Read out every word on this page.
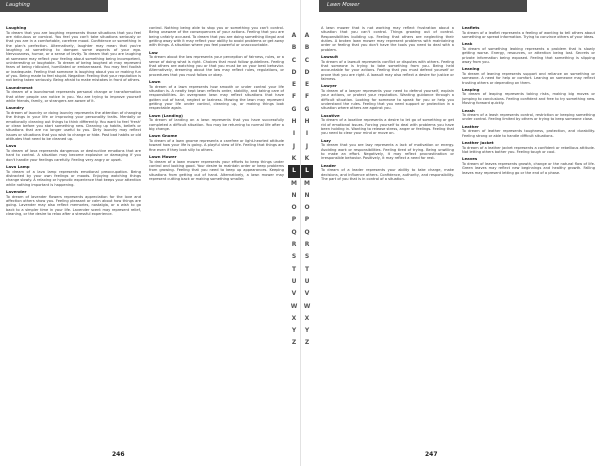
Laughing
Laughing

To dream that you are laughing represents those situations that you feel are ridiculous or comical. You feel you can't take situations seriously or that you are in a comfortable, carefree mood. Confidence or something in the plan's perfection. Alternatively, laughter may mean that you're laughing at something to dampen some aspects of your ego. Nervousness, humor, or a sense of levity. To dream that you are laughing at someone may reflect your feeling about something being incompetent, uninteresting or laughable. To dream of being laughed at may represent fears of being ridiculed, humiliated or embarrassed. You may feel foolish or inadequate. Feeling that someone is laughing about you or making fun of you. Being made to feel stupid. Negative: Feeling that your reputation is not being taken seriously. Being afraid to make mistakes in front of others.

Laundromat

To dream of a laundromat represents personal change or transformation that other people can notice in you. You are trying to improve yourself while friends, family, or strangers are aware of it.

Laundry

To dream of laundry or doing laundry represents the attention of changing the things in your life or improving your personality traits. Mentally or emotionally cleaning out things to think differently. You want to feel 'fresh' or clean before you start something new. Cleaning up habits, beliefs or situations that are no longer useful to you. Dirty laundry may reflect issues or situations that you wish to change or hide. Past bad habits or old attitudes that need to be cleaned up.

Lava

To dream of lava represents dangerous or destructive emotions that are hard to control. A situation may become explosive or damaging if you don't handle your feelings carefully. Feeling very angry or upset.

Lava Lamp

To dream of a lava lamp represents emotional preoccupation. Being distracted by your own feelings or moods. Enjoying watching things change slowly. A relaxing or hypnotic experience that keeps your attention while nothing important is happening.

Lavender

To dream of lavender flowers represents appreciation for the love and affection others show you. Feeling pleasant or calm about how things are going. Lavender may also reflect memories, nostalgia, or a wish to go back to a simpler time in your life. Lavender scent may represent relief, cleaning, or the desire to relax after a stressful experience.

control. Nothing being able to stop you or something you can't control. Being unaware of the consequences of your actions. Feeling that you are being unfairly accused. To dream that you are doing something illegal and getting away with it may reflect your ability to avoid problems or get away with things. A situation where you feel powerful or unaccountable.

Law

To dream about the law represents your perception of fairness, rules, or a sense of doing what is right. Choices that must follow guidelines. Feeling that others are watching you or that you must be on your best behavior. Alternatively, dreaming about the law may reflect rules, regulations, or procedures that you must follow or obey.

Lawn

To dream of a lawn represents how smooth or under control your life situation is. A neatly kept lawn reflects order, stability, and taking care of responsibilities. An overgrown lawn may reflect situations that have gotten out of hand, neglect or laziness. Mowing the lawn may represent getting your life under control, cleaning up, or making things look respectable again.

Lawn (Landing)

To dream of landing on a lawn represents that you have successfully completed a difficult situation. You may be returning to normal life after a big change.

Lawn Gnome

To dream of a lawn gnome represents a carefree or light-hearted attitude toward how your life is going. A playful view of life. Feeling that things are fine even if they look silly to others.

Lawn Mower

To dream of a lawn mower represents your efforts to keep things under control and looking good. Your desire to maintain order or keep problems from growing. Feeling that you need to keep up appearances. Keeping situations from getting out of hand. Alternatively, a lawn mower may represent cutting back or making something smaller.

A
B
C
D
E
F
G
H
I
J
K
L
M
N
O
P
Q
R
S
T
U
V
W
X
Y
Z
246
Lawn Mower
A
B
C
D
E
F
G
H
I
J
K
L
M
N
O
P
Q
R
S
T
U
V
W
X
Y
Z

A lawn mower that is not working may reflect frustration about a situation that you can't control. Things growing out of control. Responsibilities building up. Feeling that others are neglecting their duties. A broken lawn mower may represent problems with maintaining order or feeling that you don't have the tools you need to deal with a problem.

Lawsuit

To dream of a lawsuit represents conflict or disputes with others. Feeling that someone is trying to take something from you. Being held accountable for your actions. Feeling that you must defend yourself or prove that you are right. A lawsuit may also reflect a desire for justice or fairness.

Lawyer

To dream of a lawyer represents your need to defend yourself, explain your actions, or protect your reputation. Wanting guidance through a difficult situation. Looking for someone to speak for you or help you understand the rules. Feeling that you need support or protection in a situation where others are against you.

Laxative

To dream of a laxative represents a desire to let go of something or get rid of emotional issues. Forcing yourself to deal with problems you have been holding in. Wanting to release stress, anger or feelings. Feeling that you need to clear your mind or move on.

Lazy

To dream that you are lazy represents a lack of motivation or energy. Avoiding work or responsibilities. Feeling tired of trying. Being unwilling to make an effort. Negatively, it may reflect procrastination or irresponsible behavior. Positively, it may reflect a need for rest.

Leader

To dream of a leader represents your ability to take charge, make decisions, and influence others. Confidence, authority, and responsibility. The part of you that is in control of a situation.

Leaflets

To dream of a leaflet represents a feeling of wanting to tell others about something or spread information. Trying to convince others of your ideas.

Leak

To dream of something leaking represents a problem that is slowly getting worse. Energy, resources, or attention being lost. Secrets or private information being exposed. Feeling that something is slipping away from you.

Leaning

To dream of leaning represents support and reliance on something or someone. A need for help or comfort. Leaning on someone may reflect trusting others or depending on them.

Leaping

To dream of leaping represents taking risks, making big moves or jumping to conclusions. Feeling confident and free to try something new. Moving forward quickly.

Leash

To dream of a leash represents control, restriction or keeping something under control. Feeling limited by others or trying to keep someone close.

Leather

To dream of leather represents toughness, protection, and durability. Feeling strong or able to handle difficult situations.

Leather Jacket

To dream of a leather jacket represents a confident or rebellious attitude. Not letting others bother you. Feeling tough or cool.

Leaves

To dream of leaves represents growth, change or the natural flow of life. Green leaves may reflect new beginnings and healthy growth. Falling leaves may represent letting go or the end of a phase.

247
